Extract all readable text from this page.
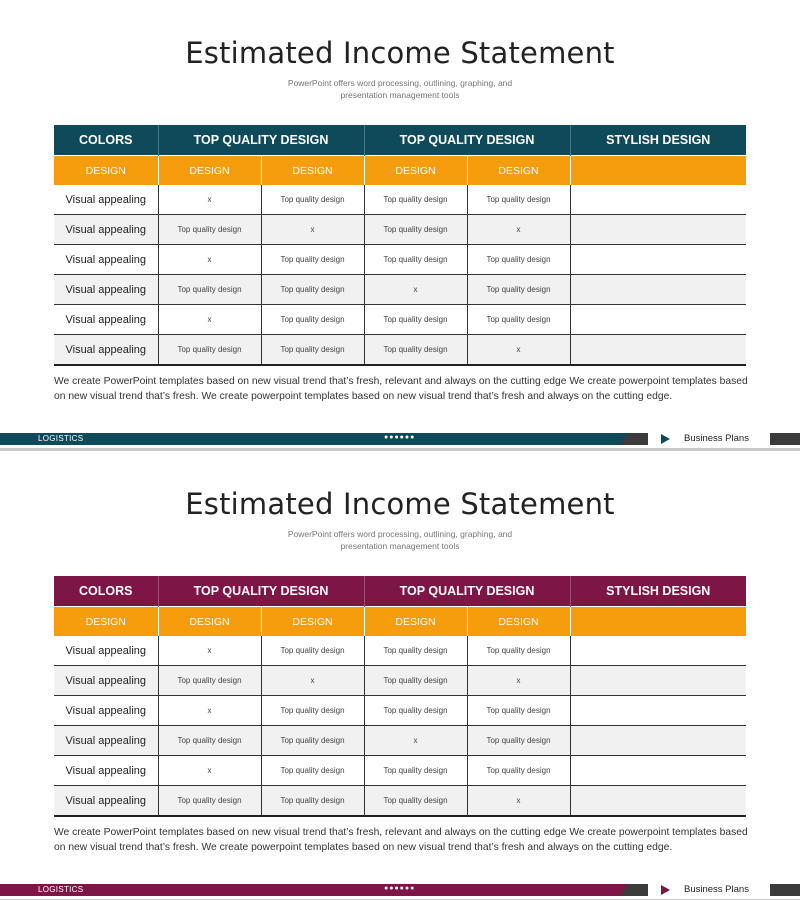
Estimated Income Statement
PowerPoint offers word processing, outlining, graphing, and
presentation management tools
COLORS	TOP QUALITY DESIGN		TOP QUALITY DESIGN		STYLISH DESIGN
DESIGN	DESIGN	DESIGN	DESIGN	DESIGN	
Visual appealing	x	Top quality design	Top quality design	Top quality design	
Visual appealing	Top quality design	x	Top quality design	x	
Visual appealing	x	Top quality design	Top quality design	Top quality design	
Visual appealing	Top quality design	Top quality design	x	Top quality design	
Visual appealing	x	Top quality design	Top quality design	Top quality design	
Visual appealing	Top quality design	Top quality design	Top quality design	x	
We create PowerPoint templates based on new visual trend that’s fresh, relevant and always on the cutting edge We create powerpoint templates based on new visual trend that’s fresh. We create powerpoint templates based on new visual trend that’s fresh and always on the cutting edge.
LOGISTICS	●●●●●●	Business Plans
Estimated Income Statement
PowerPoint offers word processing, outlining, graphing, and
presentation management tools
COLORS	TOP QUALITY DESIGN		TOP QUALITY DESIGN		STYLISH DESIGN
DESIGN	DESIGN	DESIGN	DESIGN	DESIGN	
Visual appealing	x	Top quality design	Top quality design	Top quality design	
Visual appealing	Top quality design	x	Top quality design	x	
Visual appealing	x	Top quality design	Top quality design	Top quality design	
Visual appealing	Top quality design	Top quality design	x	Top quality design	
Visual appealing	x	Top quality design	Top quality design	Top quality design	
Visual appealing	Top quality design	Top quality design	Top quality design	x	
We create PowerPoint templates based on new visual trend that’s fresh, relevant and always on the cutting edge We create powerpoint templates based on new visual trend that’s fresh. We create powerpoint templates based on new visual trend that’s fresh and always on the cutting edge.
LOGISTICS	●●●●●●	Business Plans
